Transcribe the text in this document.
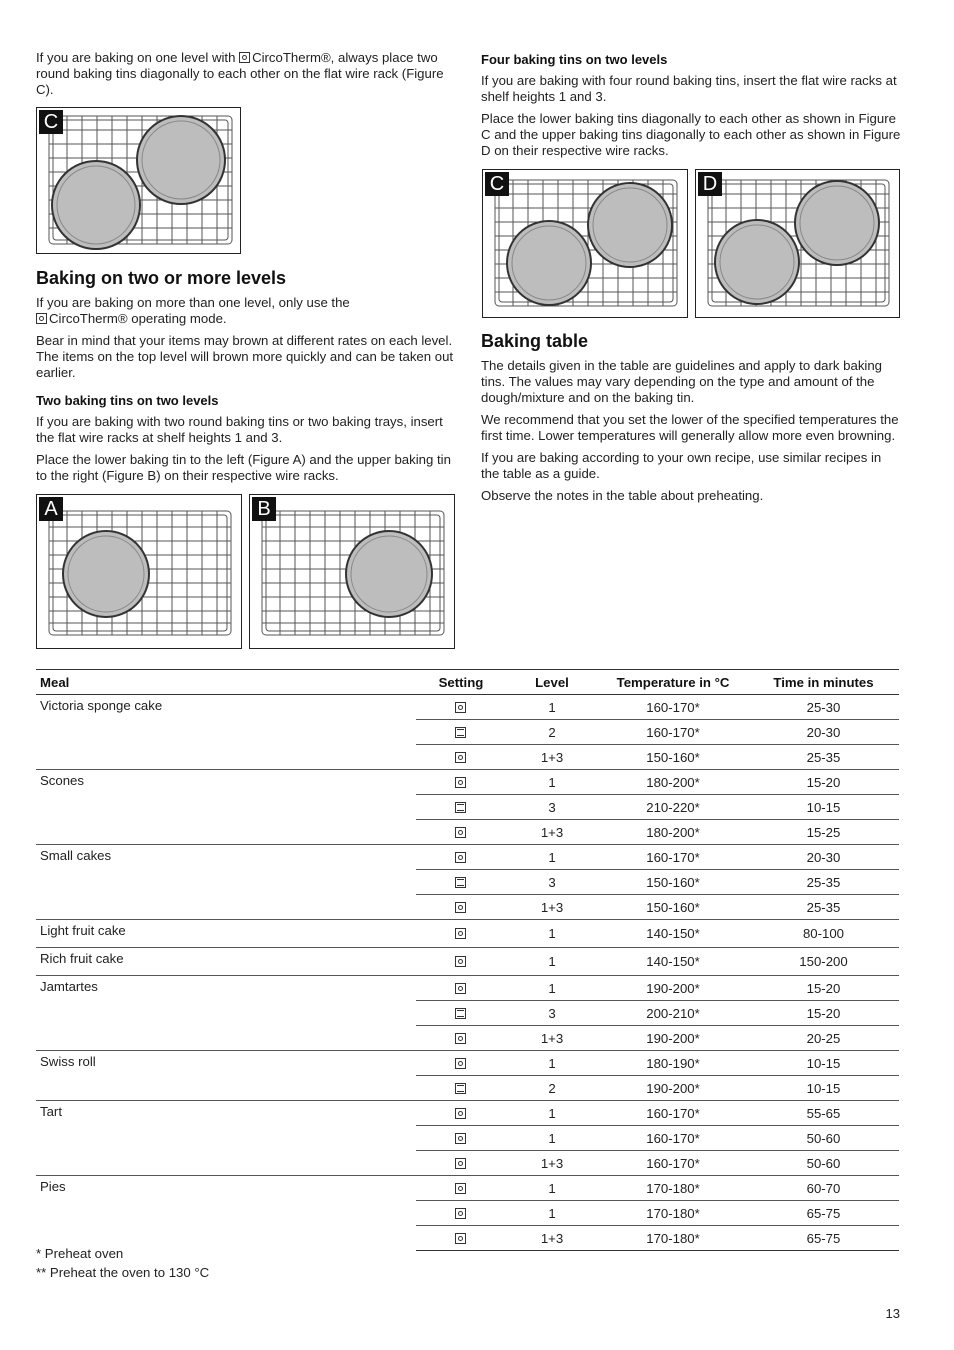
If you are baking on one level with CircoTherm®, always place two round baking tins diagonally to each other on the flat wire rack (Figure C).

C
Baking on two or more levels

If you are baking on more than one level, only use the
CircoTherm® operating mode.

Bear in mind that your items may brown at different rates on each level. The items on the top level will brown more quickly and can be taken out earlier.

Two baking tins on two levels

If you are baking with two round baking tins or two baking trays, insert the flat wire racks at shelf heights 1 and 3.

Place the lower baking tin to the left (Figure A) and the upper baking tin to the right (Figure B) on their respective wire racks.

A	B
Four baking tins on two levels

If you are baking with four round baking tins, insert the flat wire racks at shelf heights 1 and 3.

Place the lower baking tins diagonally to each other as shown in Figure C and the upper baking tins diagonally to each other as shown in Figure D on their respective wire racks.

C	D
Baking table

The details given in the table are guidelines and apply to dark baking tins. The values may vary depending on the type and amount of the dough/mixture and on the baking tin.

We recommend that you set the lower of the specified temperatures the first time. Lower temperatures will generally allow more even browning.

If you are baking according to your own recipe, use similar recipes in the table as a guide.

Observe the notes in the table about preheating.

Meal	Setting	Level	Temperature in °C	Time in minutes
Victoria sponge cake		1	160-170*	25-30
		2	160-170*	20-30
		1+3	150-160*	25-35
Scones		1	180-200*	15-20
		3	210-220*	10-15
		1+3	180-200*	15-25
Small cakes		1	160-170*	20-30
		3	150-160*	25-35
		1+3	150-160*	25-35
Light fruit cake		1	140-150*	80-100
Rich fruit cake		1	140-150*	150-200
Jamtartes		1	190-200*	15-20
		3	200-210*	15-20
		1+3	190-200*	20-25
Swiss roll		1	180-190*	10-15
		2	190-200*	10-15
Tart		1	160-170*	55-65
		1	160-170*	50-60
		1+3	160-170*	50-60
Pies		1	170-180*	60-70
		1	170-180*	65-75
		1+3	170-180*	65-75
* Preheat oven
** Preheat the oven to 130 °C
13
